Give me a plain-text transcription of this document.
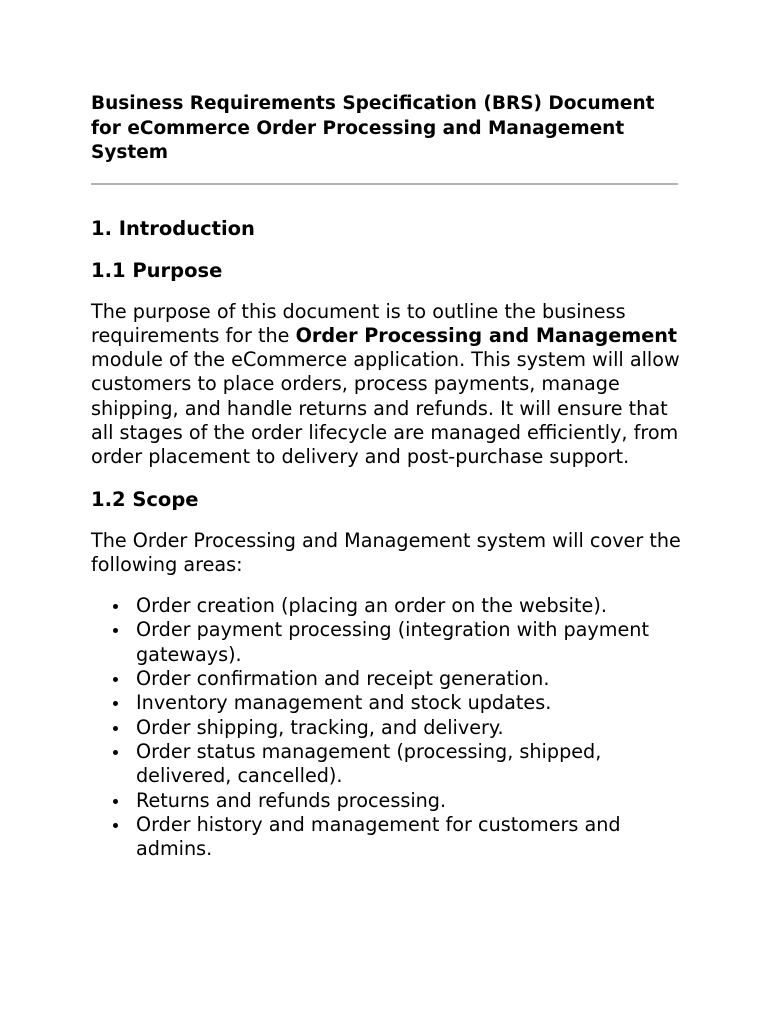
Business Requirements Specification (BRS) Document for eCommerce Order Processing and Management System
1. Introduction
1.1 Purpose

The purpose of this document is to outline the business requirements for the Order Processing and Management module of the eCommerce application. This system will allow customers to place orders, process payments, manage shipping, and handle returns and refunds. It will ensure that all stages of the order lifecycle are managed efficiently, from order placement to delivery and post-purchase support.

1.2 Scope

The Order Processing and Management system will cover the following areas:

Order creation (placing an order on the website).
Order payment processing (integration with payment gateways).
Order confirmation and receipt generation.
Inventory management and stock updates.
Order shipping, tracking, and delivery.
Order status management (processing, shipped, delivered, cancelled).
Returns and refunds processing.
Order history and management for customers and admins.
